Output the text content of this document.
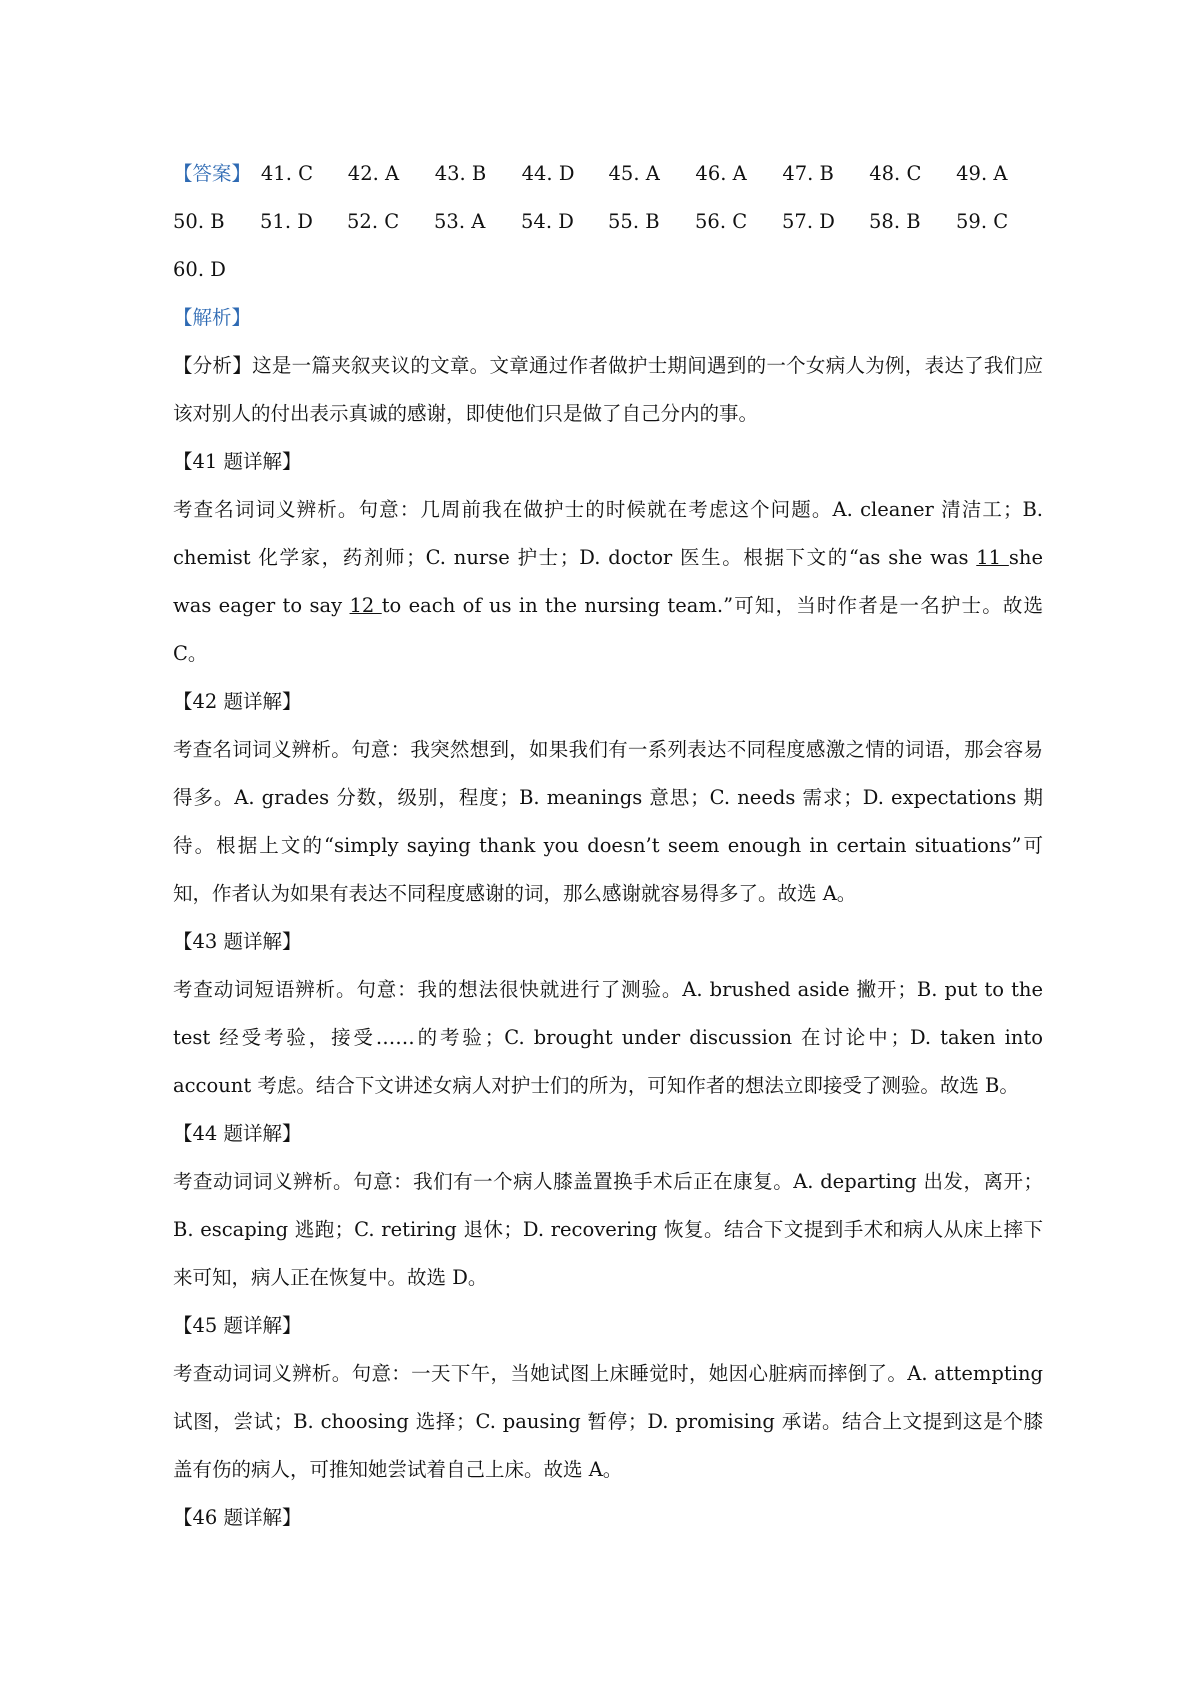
【答案】 41. C	42. A	43. B	44. D	45. A	46. A	47. B	48. C	49. A
50. B	51. D	52. C	53. A	54. D	55. B	56. C	57. D	58. B	59. C
60. D
【解析】
【分析】这是一篇夹叙夹议的文章。文章通过作者做护士期间遇到的一个女病人为例，表达了我们应该对别人的付出表示真诚的感谢，即使他们只是做了自己分内的事。
【41 题详解】
考查名词词义辨析。句意：几周前我在做护士的时候就在考虑这个问题。A. cleaner 清洁工；B. chemist 化学家，药剂师；C. nurse 护士；D. doctor 医生。根据下文的“as she was 11 she was eager to say 12 to each of us in the nursing team.”可知，当时作者是一名护士。故选 C。
【42 题详解】
考查名词词义辨析。句意：我突然想到，如果我们有一系列表达不同程度感激之情的词语，那会容易得多。A. grades 分数，级别，程度；B. meanings 意思；C. needs 需求；D. expectations 期待。根据上文的“simply saying thank you doesn’t seem enough in certain situations”可知，作者认为如果有表达不同程度感谢的词，那么感谢就容易得多了。故选 A。
【43 题详解】
考查动词短语辨析。句意：我的想法很快就进行了测验。A. brushed aside 撇开；B. put to the test 经受考验，接受……的考验；C. brought under discussion 在讨论中；D. taken into account 考虑。结合下文讲述女病人对护士们的所为，可知作者的想法立即接受了测验。故选 B。
【44 题详解】
考查动词词义辨析。句意：我们有一个病人膝盖置换手术后正在康复。A. departing 出发，离开；B. escaping 逃跑；C. retiring 退休；D. recovering 恢复。结合下文提到手术和病人从床上摔下来可知，病人正在恢复中。故选 D。
【45 题详解】
考查动词词义辨析。句意：一天下午，当她试图上床睡觉时，她因心脏病而摔倒了。A. attempting 试图，尝试；B. choosing 选择；C. pausing 暂停；D. promising 承诺。结合上文提到这是个膝盖有伤的病人，可推知她尝试着自己上床。故选 A。
【46 题详解】
